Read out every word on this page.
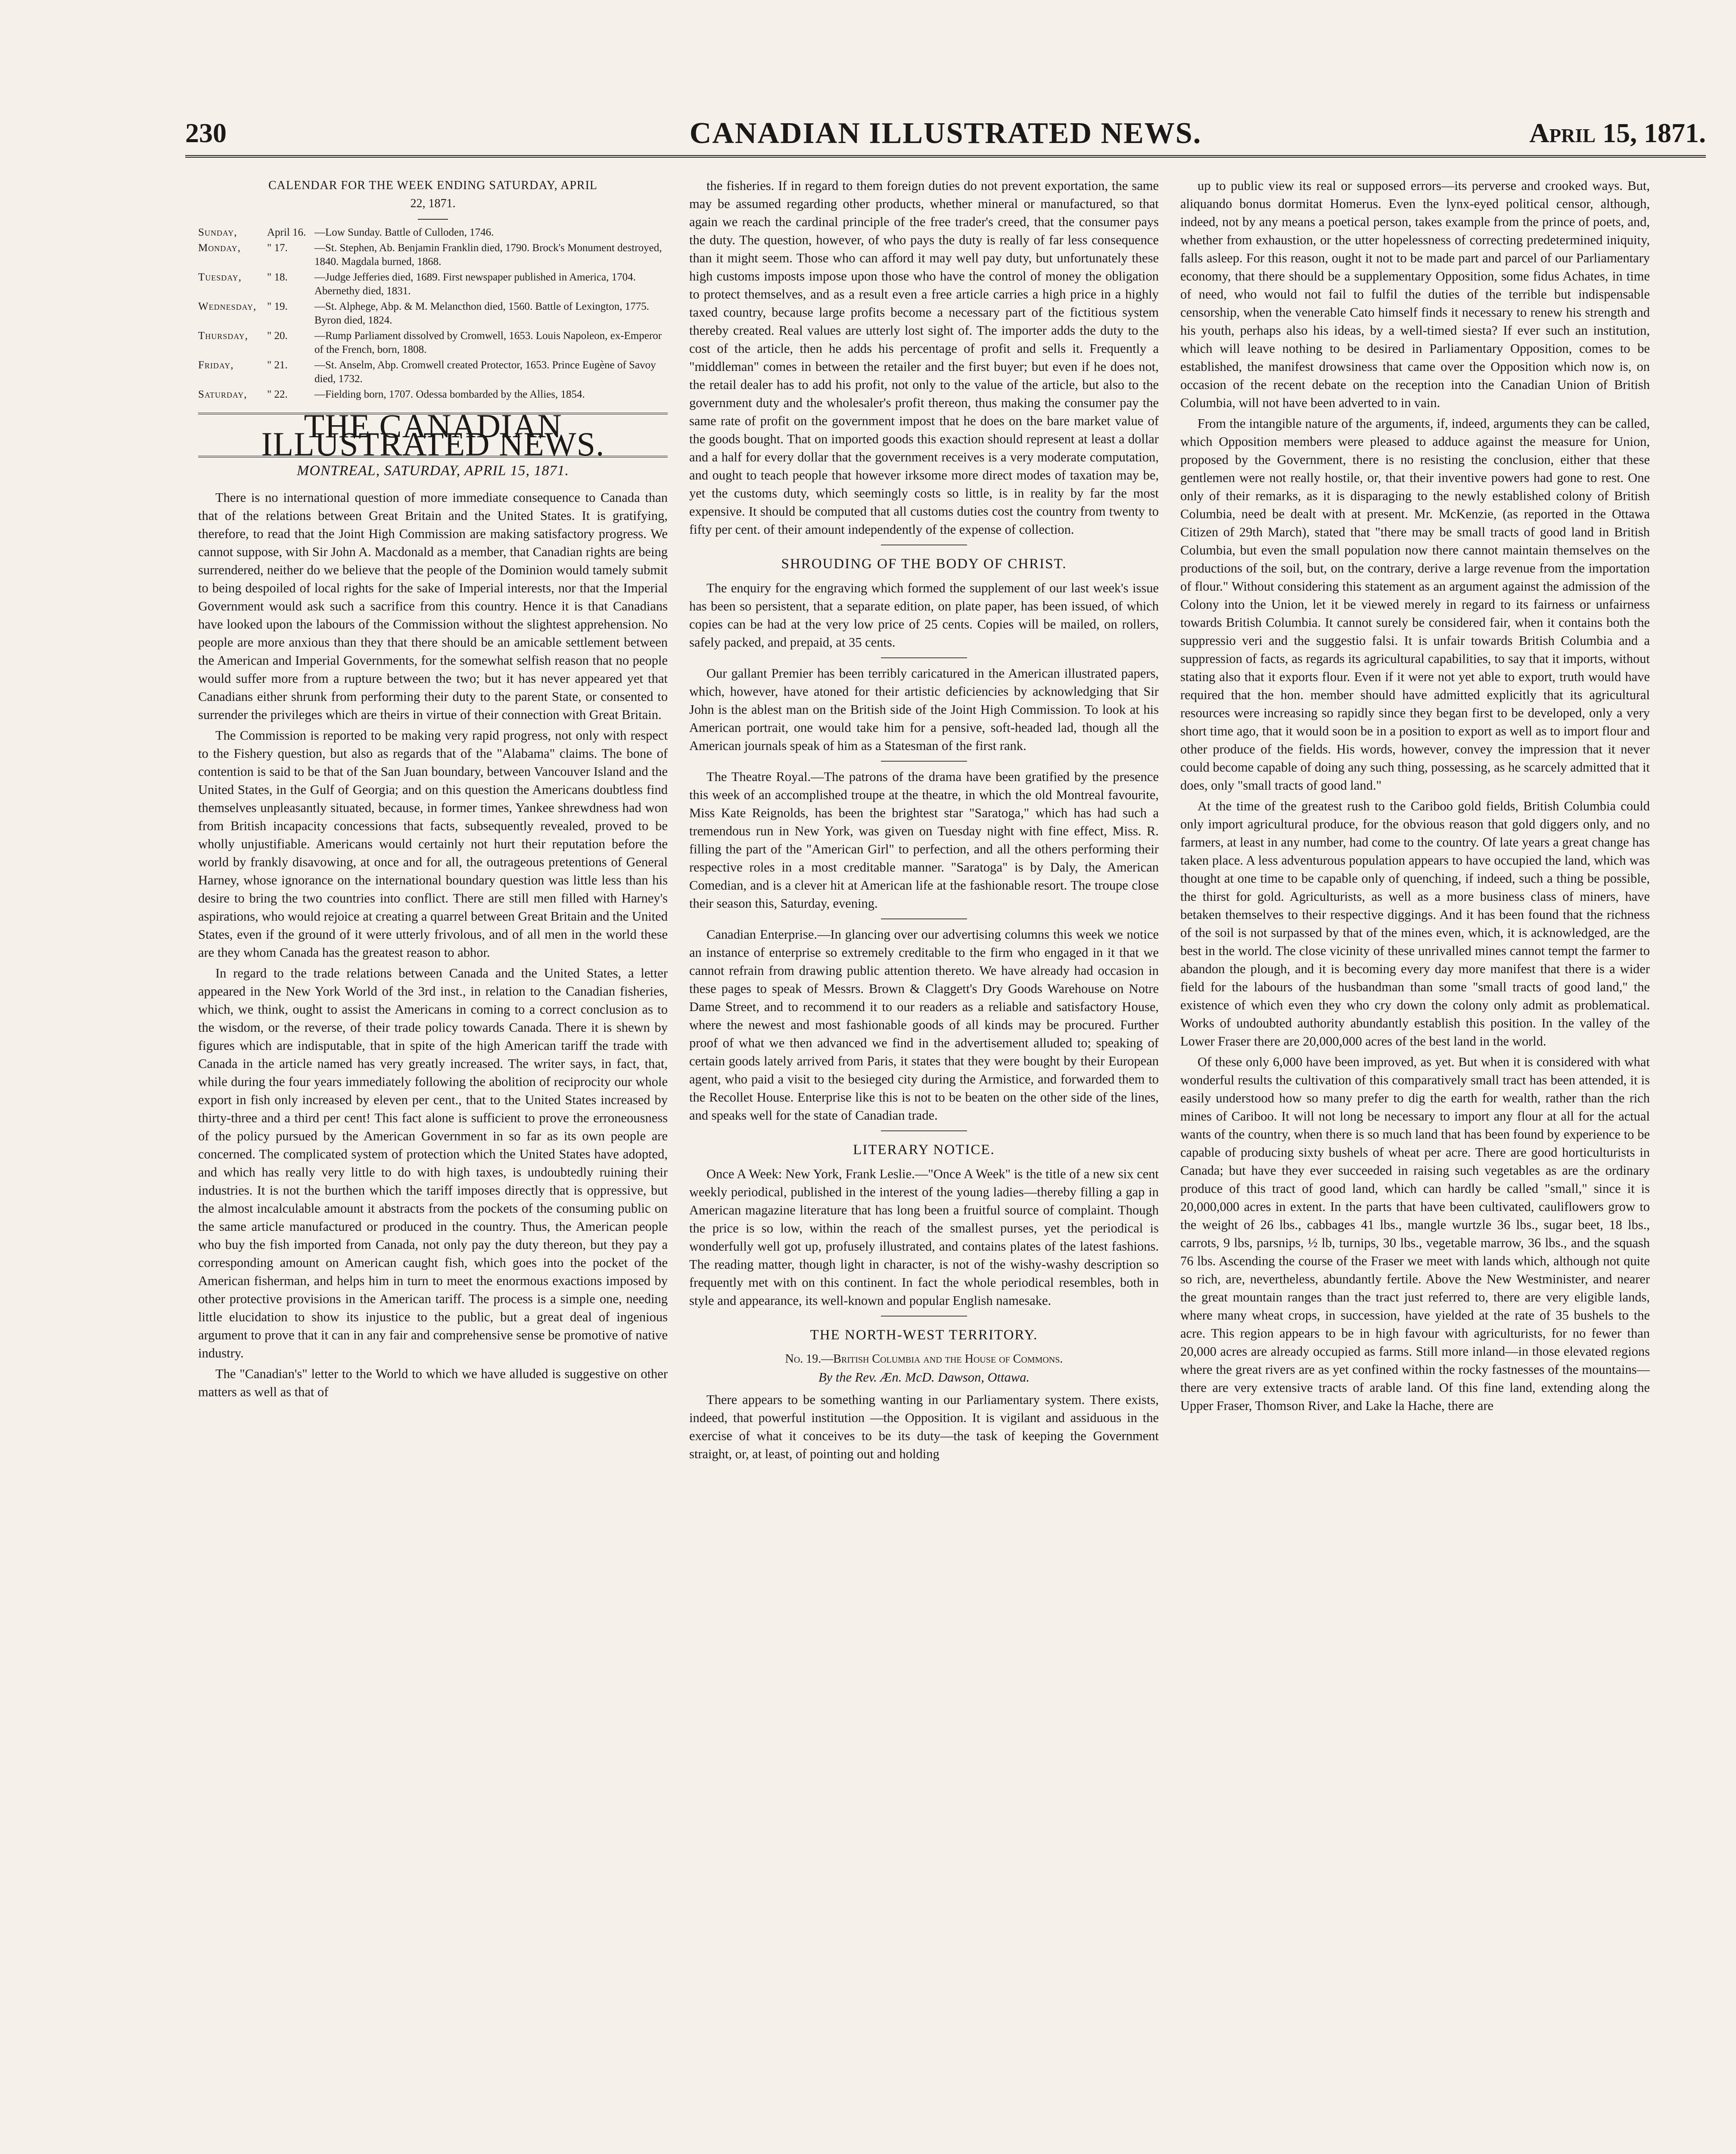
230	CANADIAN ILLUSTRATED NEWS.	April 15, 1871.
CALENDAR FOR THE WEEK ENDING SATURDAY, APRIL
22, 1871.
Sunday,	April 16. —Low Sunday. Battle of Culloden, 1746.
Monday,	" 17.	—St. Stephen, Ab. Benjamin Franklin died, 1790. Brock's Monument destroyed, 1840. Magdala burned, 1868.
Tuesday,	" 18.	—Judge Jefferies died, 1689. First newspaper published in America, 1704. Abernethy died, 1831.
Wednesday, " 19.	—St. Alphege, Abp. & M. Melancthon died, 1560. Battle of Lexington, 1775. Byron died, 1824.
Thursday,	" 20.	—Rump Parliament dissolved by Cromwell, 1653. Louis Napoleon, ex-Emperor of the French, born, 1808.
Friday,	" 21.	—St. Anselm, Abp. Cromwell created Protector, 1653. Prince Eugène of Savoy died, 1732.
Saturday,	" 22.	—Fielding born, 1707. Odessa bombarded by the Allies, 1854.
THE CANADIAN ILLUSTRATED NEWS.
MONTREAL, SATURDAY, APRIL 15, 1871.

There is no international question of more immediate consequence to Canada than that of the relations between Great Britain and the United States. It is gratifying, therefore, to read that the Joint High Commission are making satisfactory progress. We cannot suppose, with Sir John A. Macdonald as a member, that Canadian rights are being surrendered, neither do we believe that the people of the Dominion would tamely submit to being despoiled of local rights for the sake of Imperial interests, nor that the Imperial Government would ask such a sacrifice from this country. Hence it is that Canadians have looked upon the labours of the Commission without the slightest apprehension. No people are more anxious than they that there should be an amicable settlement between the American and Imperial Governments, for the somewhat selfish reason that no people would suffer more from a rupture between the two; but it has never appeared yet that Canadians either shrunk from performing their duty to the parent State, or consented to surrender the privileges which are theirs in virtue of their connection with Great Britain.

The Commission is reported to be making very rapid progress, not only with respect to the Fishery question, but also as regards that of the "Alabama" claims. The bone of contention is said to be that of the San Juan boundary, between Vancouver Island and the United States, in the Gulf of Georgia; and on this question the Americans doubtless find themselves unpleasantly situated, because, in former times, Yankee shrewdness had won from British incapacity concessions that facts, subsequently revealed, proved to be wholly unjustifiable. Americans would certainly not hurt their reputation before the world by frankly disavowing, at once and for all, the outrageous pretentions of General Harney, whose ignorance on the international boundary question was little less than his desire to bring the two countries into conflict. There are still men filled with Harney's aspirations, who would rejoice at creating a quarrel between Great Britain and the United States, even if the ground of it were utterly frivolous, and of all men in the world these are they whom Canada has the greatest reason to abhor.

In regard to the trade relations between Canada and the United States, a letter appeared in the New York World of the 3rd inst., in relation to the Canadian fisheries, which, we think, ought to assist the Americans in coming to a correct conclusion as to the wisdom, or the reverse, of their trade policy towards Canada. There it is shewn by figures which are indisputable, that in spite of the high American tariff the trade with Canada in the article named has very greatly increased. The writer says, in fact, that, while during the four years immediately following the abolition of reciprocity our whole export in fish only increased by eleven per cent., that to the United States increased by thirty-three and a third per cent! This fact alone is sufficient to prove the erroneousness of the policy pursued by the American Government in so far as its own people are concerned. The complicated system of protection which the United States have adopted, and which has really very little to do with high taxes, is undoubtedly ruining their industries. It is not the burthen which the tariff imposes directly that is oppressive, but the almost incalculable amount it abstracts from the pockets of the consuming public on the same article manufactured or produced in the country. Thus, the American people who buy the fish imported from Canada, not only pay the duty thereon, but they pay a corresponding amount on American caught fish, which goes into the pocket of the American fisherman, and helps him in turn to meet the enormous exactions imposed by other protective provisions in the American tariff. The process is a simple one, needing little elucidation to show its injustice to the public, but a great deal of ingenious argument to prove that it can in any fair and comprehensive sense be promotive of native industry.

The "Canadian's" letter to the World to which we have alluded is suggestive on other matters as well as that of

the fisheries. If in regard to them foreign duties do not prevent exportation, the same may be assumed regarding other products, whether mineral or manufactured, so that again we reach the cardinal principle of the free trader's creed, that the consumer pays the duty. The question, however, of who pays the duty is really of far less consequence than it might seem. Those who can afford it may well pay duty, but unfortunately these high customs imposts impose upon those who have the control of money the obligation to protect themselves, and as a result even a free article carries a high price in a highly taxed country, because large profits become a necessary part of the fictitious system thereby created. Real values are utterly lost sight of. The importer adds the duty to the cost of the article, then he adds his percentage of profit and sells it. Frequently a "middleman" comes in between the retailer and the first buyer; but even if he does not, the retail dealer has to add his profit, not only to the value of the article, but also to the government duty and the wholesaler's profit thereon, thus making the consumer pay the same rate of profit on the government impost that he does on the bare market value of the goods bought. That on imported goods this exaction should represent at least a dollar and a half for every dollar that the government receives is a very moderate computation, and ought to teach people that however irksome more direct modes of taxation may be, yet the customs duty, which seemingly costs so little, is in reality by far the most expensive. It should be computed that all customs duties cost the country from twenty to fifty per cent. of their amount independently of the expense of collection.

SHROUDING OF THE BODY OF CHRIST.

The enquiry for the engraving which formed the supplement of our last week's issue has been so persistent, that a separate edition, on plate paper, has been issued, of which copies can be had at the very low price of 25 cents. Copies will be mailed, on rollers, safely packed, and prepaid, at 35 cents.

Our gallant Premier has been terribly caricatured in the American illustrated papers, which, however, have atoned for their artistic deficiencies by acknowledging that Sir John is the ablest man on the British side of the Joint High Commission. To look at his American portrait, one would take him for a pensive, soft-headed lad, though all the American journals speak of him as a Statesman of the first rank.

The Theatre Royal.—The patrons of the drama have been gratified by the presence this week of an accomplished troupe at the theatre, in which the old Montreal favourite, Miss Kate Reignolds, has been the brightest star "Saratoga," which has had such a tremendous run in New York, was given on Tuesday night with fine effect, Miss. R. filling the part of the "American Girl" to perfection, and all the others performing their respective roles in a most creditable manner. "Saratoga" is by Daly, the American Comedian, and is a clever hit at American life at the fashionable resort. The troupe close their season this, Saturday, evening.

Canadian Enterprise.—In glancing over our advertising columns this week we notice an instance of enterprise so extremely creditable to the firm who engaged in it that we cannot refrain from drawing public attention thereto. We have already had occasion in these pages to speak of Messrs. Brown & Claggett's Dry Goods Warehouse on Notre Dame Street, and to recommend it to our readers as a reliable and satisfactory House, where the newest and most fashionable goods of all kinds may be procured. Further proof of what we then advanced we find in the advertisement alluded to; speaking of certain goods lately arrived from Paris, it states that they were bought by their European agent, who paid a visit to the besieged city during the Armistice, and forwarded them to the Recollet House. Enterprise like this is not to be beaten on the other side of the lines, and speaks well for the state of Canadian trade.

LITERARY NOTICE.

Once A Week: New York, Frank Leslie.—"Once A Week" is the title of a new six cent weekly periodical, published in the interest of the young ladies—thereby filling a gap in American magazine literature that has long been a fruitful source of complaint. Though the price is so low, within the reach of the smallest purses, yet the periodical is wonderfully well got up, profusely illustrated, and contains plates of the latest fashions. The reading matter, though light in character, is not of the wishy-washy description so frequently met with on this continent. In fact the whole periodical resembles, both in style and appearance, its well-known and popular English namesake.

THE NORTH-WEST TERRITORY.
No. 19.—British Columbia and the House of Commons.
By the Rev. Æn. McD. Dawson, Ottawa.

There appears to be something wanting in our Parliamentary system. There exists, indeed, that powerful institution —the Opposition. It is vigilant and assiduous in the exercise of what it conceives to be its duty—the task of keeping the Government straight, or, at least, of pointing out and holding

up to public view its real or supposed errors—its perverse and crooked ways. But, aliquando bonus dormitat Homerus. Even the lynx-eyed political censor, although, indeed, not by any means a poetical person, takes example from the prince of poets, and, whether from exhaustion, or the utter hopelessness of correcting predetermined iniquity, falls asleep. For this reason, ought it not to be made part and parcel of our Parliamentary economy, that there should be a supplementary Opposition, some fidus Achates, in time of need, who would not fail to fulfil the duties of the terrible but indispensable censorship, when the venerable Cato himself finds it necessary to renew his strength and his youth, perhaps also his ideas, by a well-timed siesta? If ever such an institution, which will leave nothing to be desired in Parliamentary Opposition, comes to be established, the manifest drowsiness that came over the Opposition which now is, on occasion of the recent debate on the reception into the Canadian Union of British Columbia, will not have been adverted to in vain.

From the intangible nature of the arguments, if, indeed, arguments they can be called, which Opposition members were pleased to adduce against the measure for Union, proposed by the Government, there is no resisting the conclusion, either that these gentlemen were not really hostile, or, that their inventive powers had gone to rest. One only of their remarks, as it is disparaging to the newly established colony of British Columbia, need be dealt with at present. Mr. McKenzie, (as reported in the Ottawa Citizen of 29th March), stated that "there may be small tracts of good land in British Columbia, but even the small population now there cannot maintain themselves on the productions of the soil, but, on the contrary, derive a large revenue from the importation of flour." Without considering this statement as an argument against the admission of the Colony into the Union, let it be viewed merely in regard to its fairness or unfairness towards British Columbia. It cannot surely be considered fair, when it contains both the suppressio veri and the suggestio falsi. It is unfair towards British Columbia and a suppression of facts, as regards its agricultural capabilities, to say that it imports, without stating also that it exports flour. Even if it were not yet able to export, truth would have required that the hon. member should have admitted explicitly that its agricultural resources were increasing so rapidly since they began first to be developed, only a very short time ago, that it would soon be in a position to export as well as to import flour and other produce of the fields. His words, however, convey the impression that it never could become capable of doing any such thing, possessing, as he scarcely admitted that it does, only "small tracts of good land."

At the time of the greatest rush to the Cariboo gold fields, British Columbia could only import agricultural produce, for the obvious reason that gold diggers only, and no farmers, at least in any number, had come to the country. Of late years a great change has taken place. A less adventurous population appears to have occupied the land, which was thought at one time to be capable only of quenching, if indeed, such a thing be possible, the thirst for gold. Agriculturists, as well as a more business class of miners, have betaken themselves to their respective diggings. And it has been found that the richness of the soil is not surpassed by that of the mines even, which, it is acknowledged, are the best in the world. The close vicinity of these unrivalled mines cannot tempt the farmer to abandon the plough, and it is becoming every day more manifest that there is a wider field for the labours of the husbandman than some "small tracts of good land," the existence of which even they who cry down the colony only admit as problematical. Works of undoubted authority abundantly establish this position. In the valley of the Lower Fraser there are 20,000,000 acres of the best land in the world.

Of these only 6,000 have been improved, as yet. But when it is considered with what wonderful results the cultivation of this comparatively small tract has been attended, it is easily understood how so many prefer to dig the earth for wealth, rather than the rich mines of Cariboo. It will not long be necessary to import any flour at all for the actual wants of the country, when there is so much land that has been found by experience to be capable of producing sixty bushels of wheat per acre. There are good horticulturists in Canada; but have they ever succeeded in raising such vegetables as are the ordinary produce of this tract of good land, which can hardly be called "small," since it is 20,000,000 acres in extent. In the parts that have been cultivated, cauliflowers grow to the weight of 26 lbs., cabbages 41 lbs., mangle wurtzle 36 lbs., sugar beet, 18 lbs., carrots, 9 lbs, parsnips, ½ lb, turnips, 30 lbs., vegetable marrow, 36 lbs., and the squash 76 lbs. Ascending the course of the Fraser we meet with lands which, although not quite so rich, are, nevertheless, abundantly fertile. Above the New Westminister, and nearer the great mountain ranges than the tract just referred to, there are very eligible lands, where many wheat crops, in succession, have yielded at the rate of 35 bushels to the acre. This region appears to be in high favour with agriculturists, for no fewer than 20,000 acres are already occupied as farms. Still more inland—in those elevated regions where the great rivers are as yet confined within the rocky fastnesses of the mountains—there are very extensive tracts of arable land. Of this fine land, extending along the Upper Fraser, Thomson River, and Lake la Hache, there are
